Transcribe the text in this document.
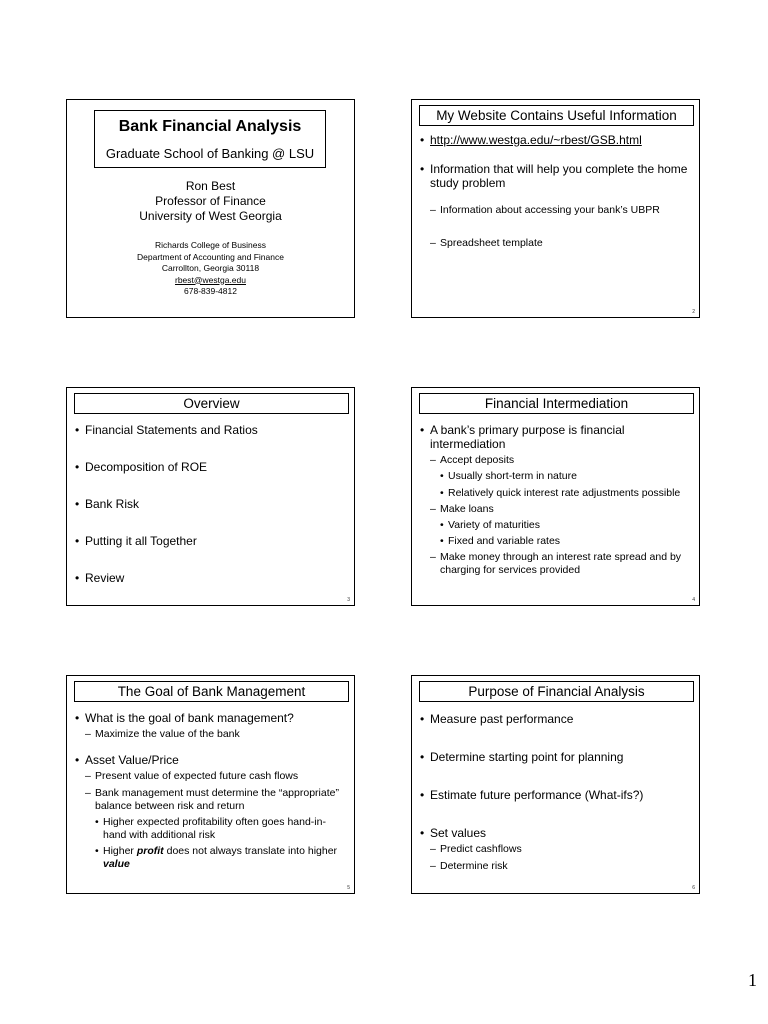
Bank Financial Analysis
Graduate School of Banking @ LSU
Ron Best
Professor of Finance
University of West Georgia
Richards College of Business
Department of Accounting and Finance
Carrollton, Georgia 30118
rbest@westga.edu
678-839-4812
My Website Contains Useful Information
• http://www.westga.edu/~rbest/GSB.html
• Information that will help you complete the home study problem
– Information about accessing your bank’s UBPR
– Spreadsheet template
2
Overview
• Financial Statements and Ratios
• Decomposition of ROE
• Bank Risk
• Putting it all Together
• Review
3
Financial Intermediation
• A bank’s primary purpose is financial intermediation
– Accept deposits
• Usually short-term in nature
• Relatively quick interest rate adjustments possible
– Make loans
• Variety of maturities
• Fixed and variable rates
– Make money through an interest rate spread and by charging for services provided
4
The Goal of Bank Management
• What is the goal of bank management?
– Maximize the value of the bank
• Asset Value/Price
– Present value of expected future cash flows
– Bank management must determine the “appropriate” balance between risk and return
• Higher expected profitability often goes hand-in-hand with additional risk
• Higher profit does not always translate into higher value
5
Purpose of Financial Analysis
• Measure past performance
• Determine starting point for planning
• Estimate future performance (What-ifs?)
• Set values
– Predict cashflows
– Determine risk
6
1
